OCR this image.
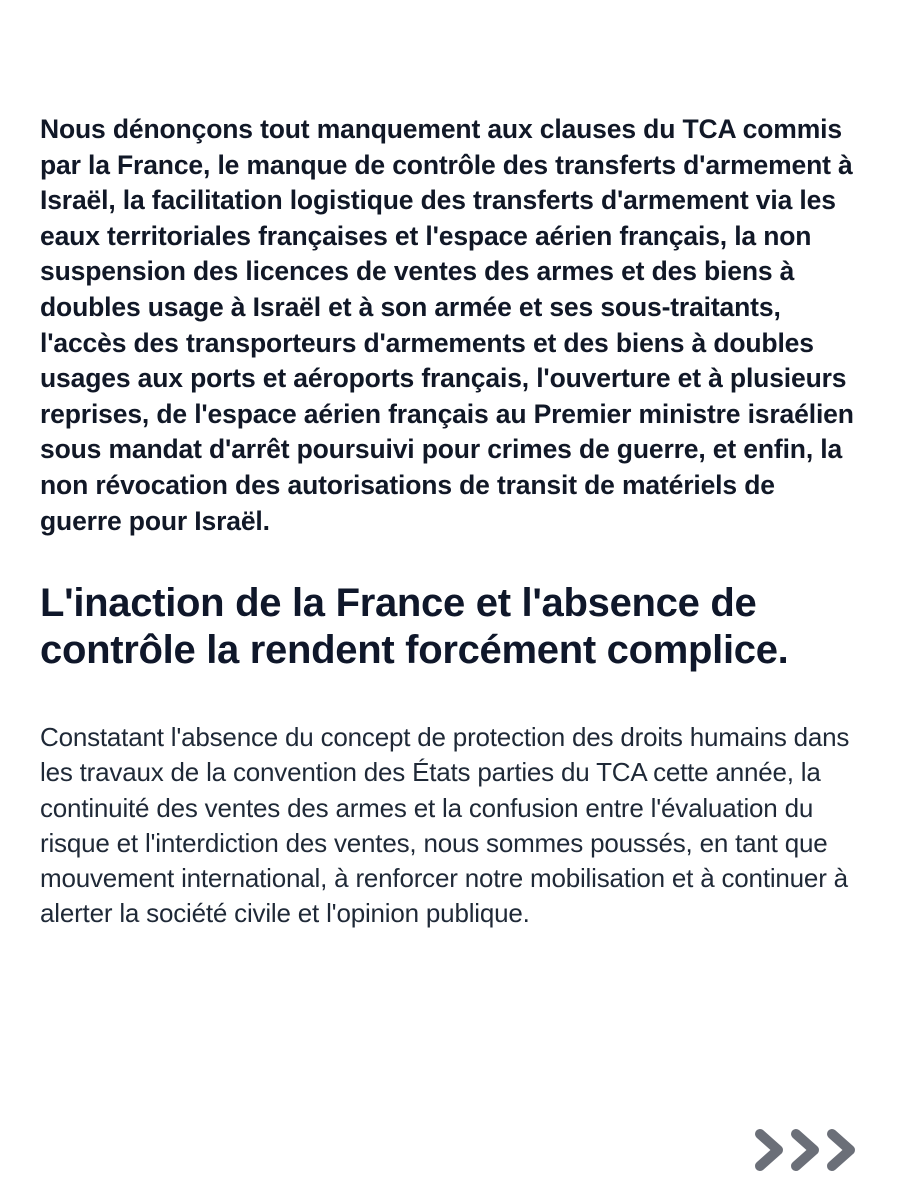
Nous dénonçons tout manquement aux clauses du TCA commis par la France, le manque de contrôle des transferts d'armement à Israël, la facilitation logistique des transferts d'armement via les eaux territoriales françaises et l'espace aérien français, la non suspension des licences de ventes des armes et des biens à doubles usage à Israël et à son armée et ses sous-traitants, l'accès des transporteurs d'armements et des biens à doubles usages aux ports et aéroports français, l'ouverture et à plusieurs reprises, de l'espace aérien français au Premier ministre israélien sous mandat d'arrêt poursuivi pour crimes de guerre, et enfin, la non révocation des autorisations de transit de matériels de guerre pour Israël.

L'inaction de la France et l'absence de contrôle la rendent forcément complice.

Constatant l'absence du concept de protection des droits humains dans les travaux de la convention des États parties du TCA cette année, la continuité des ventes des armes et la confusion entre l'évaluation du risque et l'interdiction des ventes, nous sommes poussés, en tant que mouvement international, à renforcer notre mobilisation et à continuer à alerter la société civile et l'opinion publique.
